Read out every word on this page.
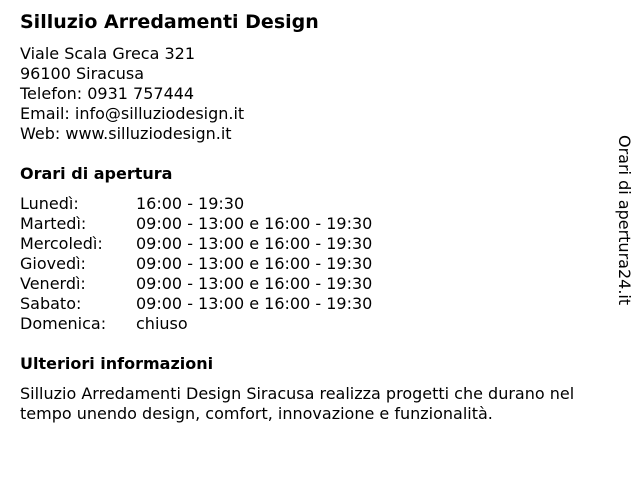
Silluzio Arredamenti Design
Viale Scala Greca 321
96100 Siracusa
Telefon: 0931 757444
Email: info@silluziodesign.it
Web: www.silluziodesign.it
Orari di apertura
Lunedì:	16:00 - 19:30
Martedì:	09:00 - 13:00 e 16:00 - 19:30
Mercoledì:	09:00 - 13:00 e 16:00 - 19:30
Giovedì:	09:00 - 13:00 e 16:00 - 19:30
Venerdì:	09:00 - 13:00 e 16:00 - 19:30
Sabato:	09:00 - 13:00 e 16:00 - 19:30
Domenica:	chiuso
Ulteriori informazioni
Silluzio Arredamenti Design Siracusa realizza progetti che durano nel tempo unendo design, comfort, innovazione e funzionalità.
Orari di apertura24.it
